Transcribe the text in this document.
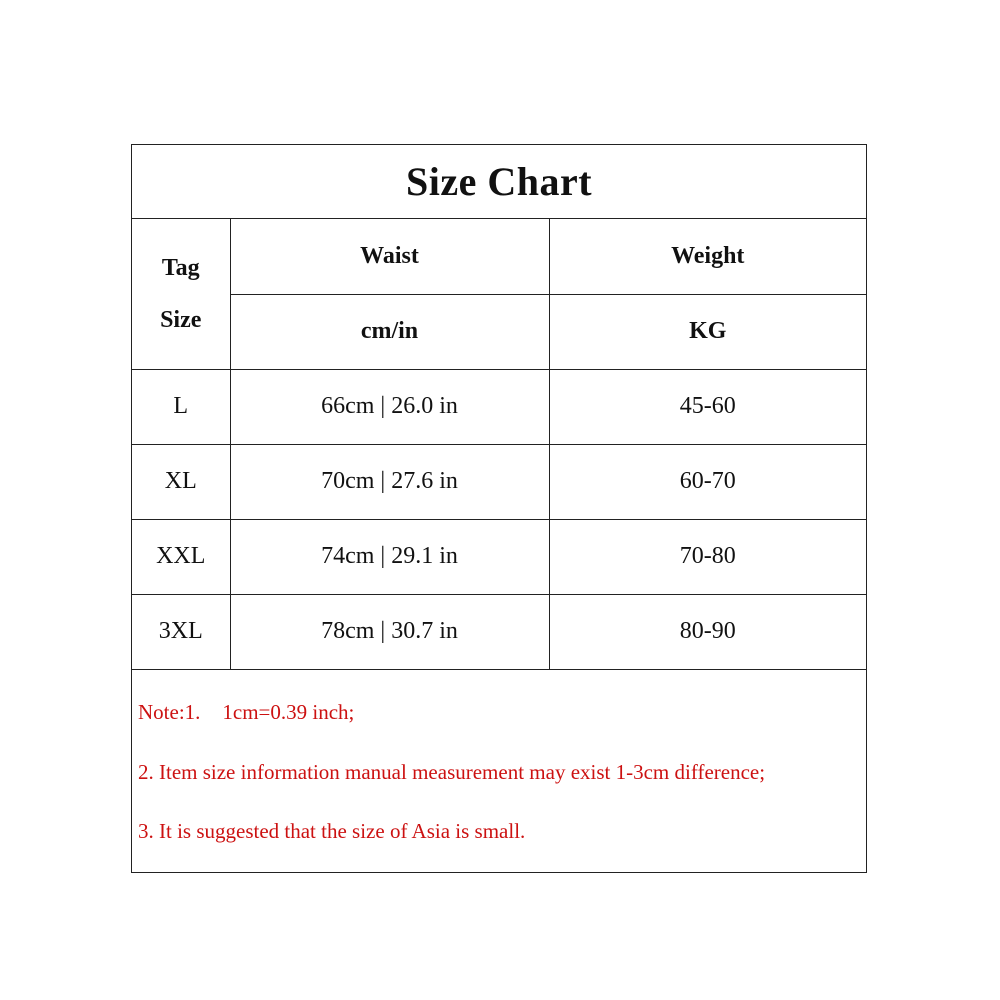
Size Chart
Tag
Size	Waist	Weight
	cm/in	KG
L	66cm | 26.0 in	45-60
XL	70cm | 27.6 in	60-70
XXL	74cm | 29.1 in	70-80
3XL	78cm | 30.7 in	80-90
Note:1. 1cm=0.39 inch;
2. Item size information manual measurement may exist 1-3cm difference;
3. It is suggested that the size of Asia is small.
